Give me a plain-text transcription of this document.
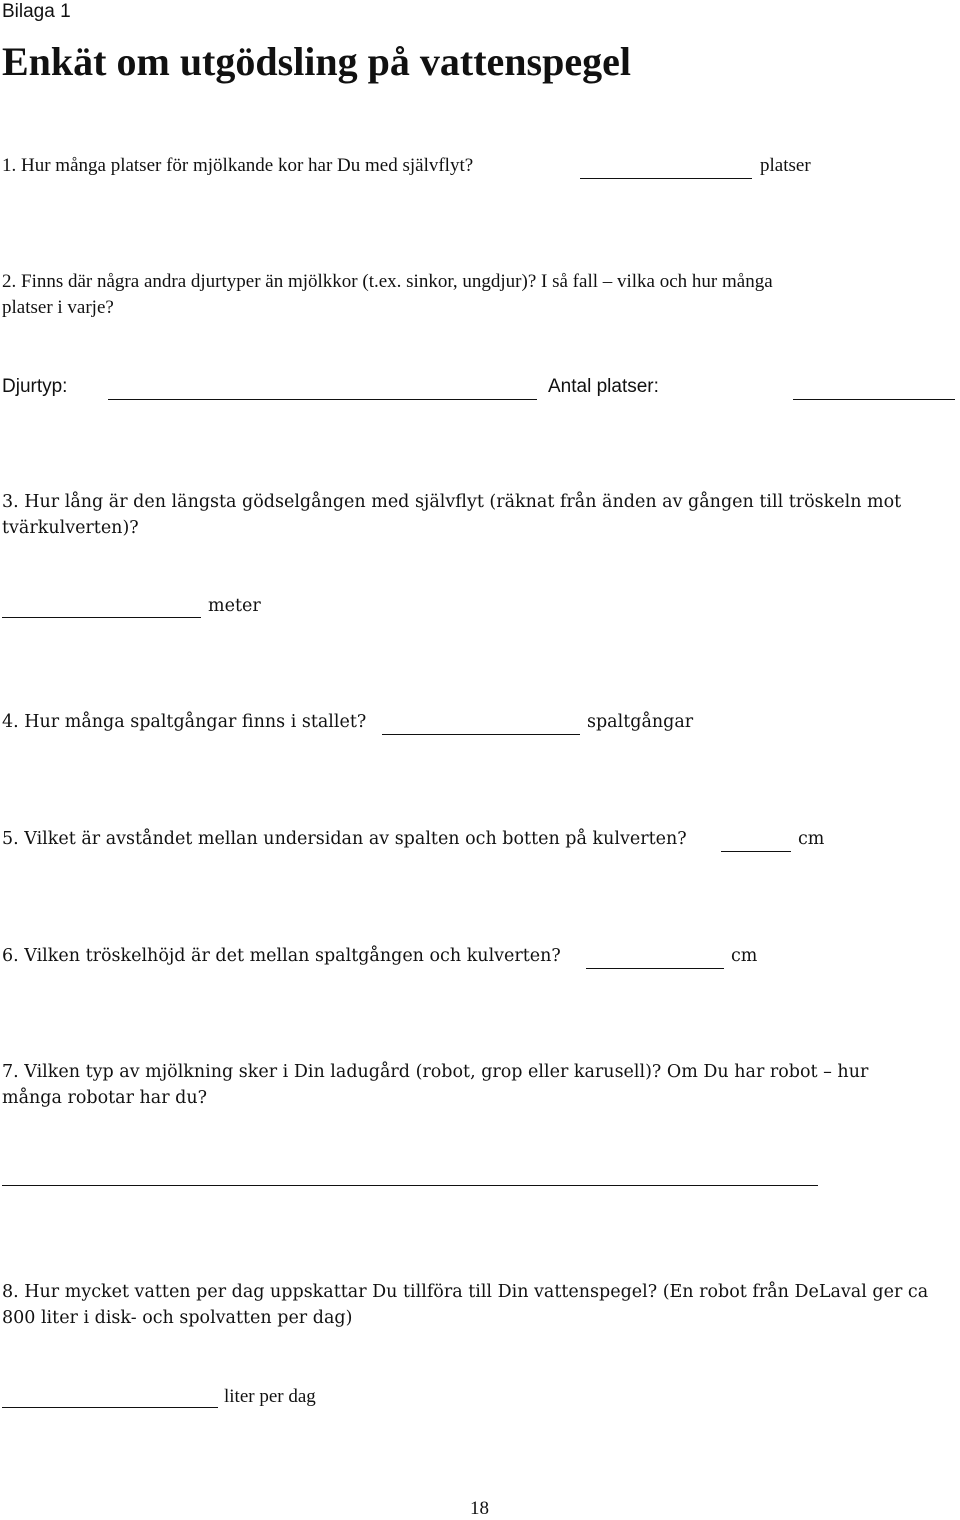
Bilaga 1
Enkät om utgödsling på vattenspegel
1. Hur många platser för mjölkande kor har Du med självflyt?	platser
2. Finns där några andra djurtyper än mjölkkor (t.ex. sinkor, ungdjur)? I så fall – vilka och hur många
platser i varje?
Djurtyp:	Antal platser:
3. Hur lång är den längsta gödselgången med självflyt (räknat från änden av gången till tröskeln mot
tvärkulverten)?
meter
4. Hur många spaltgångar finns i stallet?	spaltgångar
5. Vilket är avståndet mellan undersidan av spalten och botten på kulverten?	cm
6. Vilken tröskelhöjd är det mellan spaltgången och kulverten?	cm
7. Vilken typ av mjölkning sker i Din ladugård (robot, grop eller karusell)? Om Du har robot – hur
många robotar har du?
8. Hur mycket vatten per dag uppskattar Du tillföra till Din vattenspegel? (En robot från DeLaval ger ca
800 liter i disk- och spolvatten per dag)
liter per dag
18
